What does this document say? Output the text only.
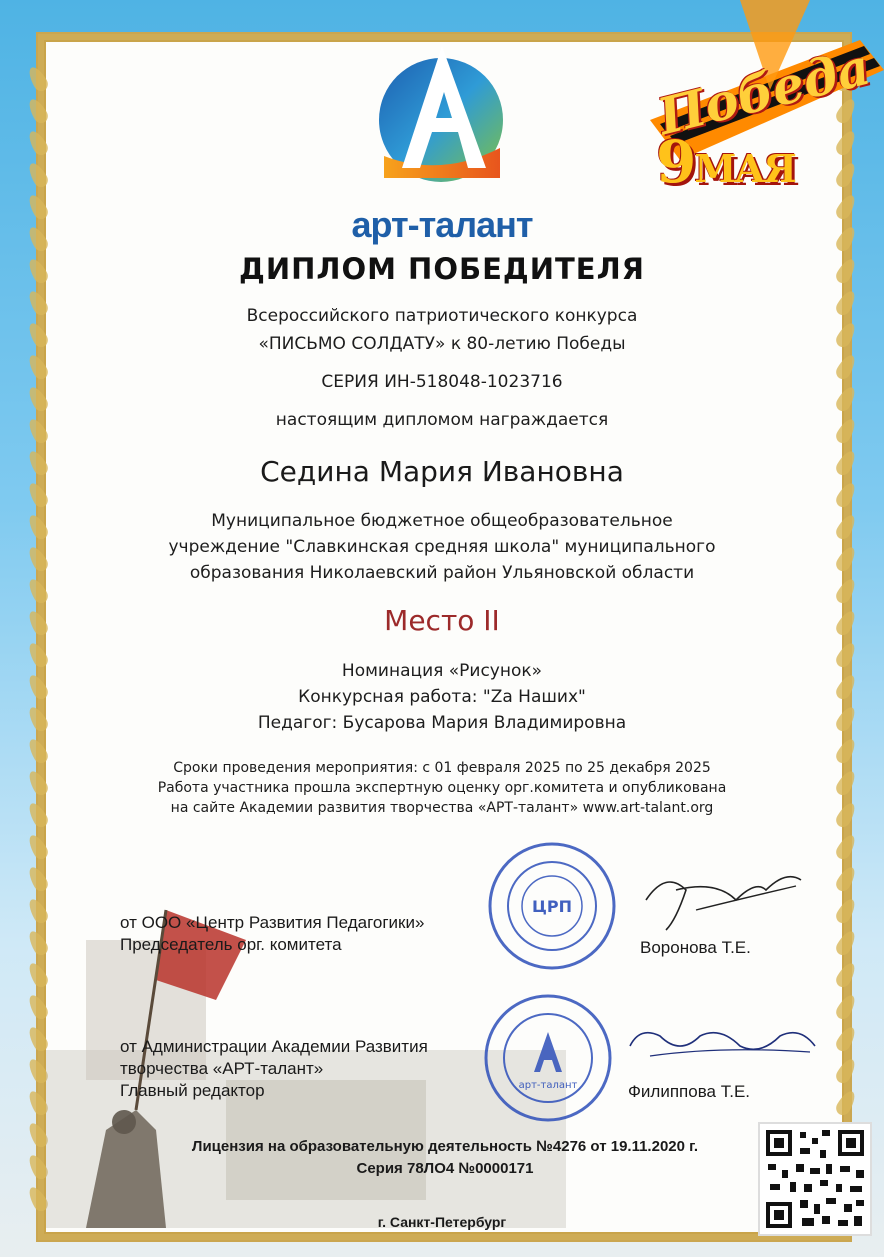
арт-талант
Победа
9МАЯ
ДИПЛОМ ПОБЕДИТЕЛЯ
Всероссийского патриотического конкурса
«ПИСЬМО СОЛДАТУ» к 80-летию Победы
СЕРИЯ ИН-518048-1023716
настоящим дипломом награждается
Седина Мария Ивановна
Муниципальное бюджетное общеобразовательное
учреждение "Славкинская средняя школа" муниципального
образования Николаевский район Ульяновской области
Место II
Номинация «Рисунок»
Конкурсная работа: "Za Наших"
Педагог: Бусарова Мария Владимировна
Сроки проведения мероприятия: с 01 февраля 2025 по 25 декабря 2025
Работа участника прошла экспертную оценку орг.комитета и опубликована
на сайте Академии развития творчества «АРТ-талант» www.art-talant.org
от ООО «Центр Развития Педагогики»
Председатель орг. комитета
ЦРП
Воронова Т.Е.
от Администрации Академии Развития
творчества «АРТ-талант»
Главный редактор	арт-талант	Филиппова Т.Е.
Лицензия на образовательную деятельность №4276 от 19.11.2020 г.
Серия 78ЛО4 №0000171
г. Санкт-Петербург
